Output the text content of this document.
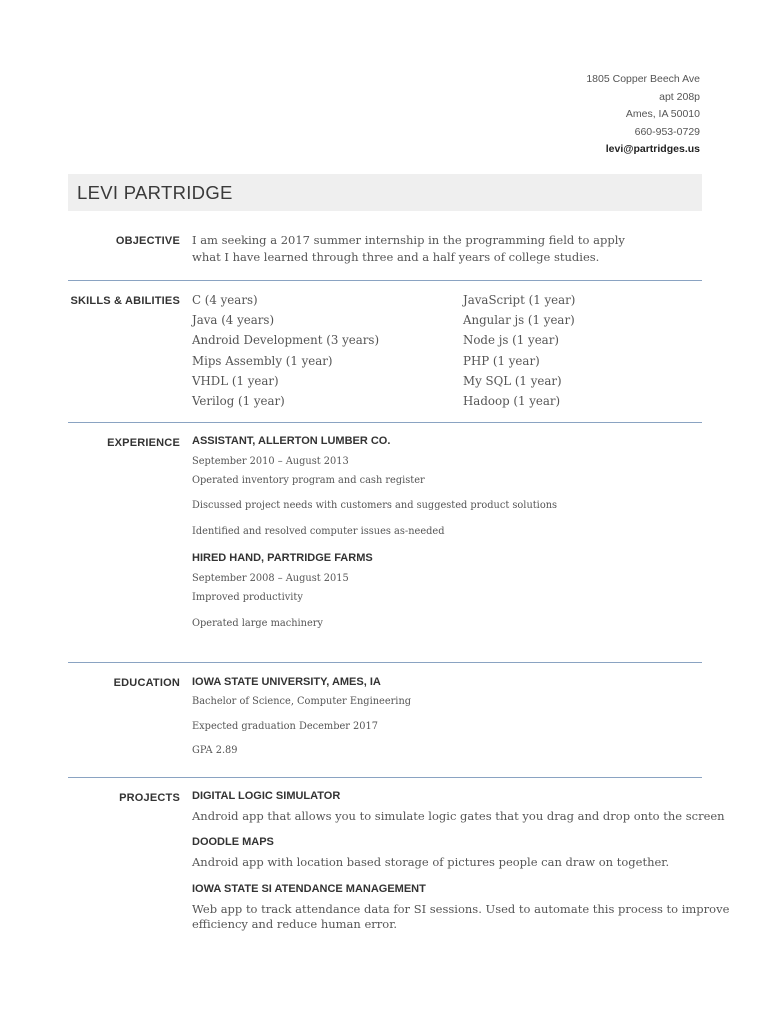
1805 Copper Beech Ave
apt 208p
Ames, IA 50010
660-953-0729
levi@partridges.us
LEVI PARTRIDGE
OBJECTIVE I am seeking a 2017 summer internship in the programming field to apply
what I have learned through three and a half years of college studies.
SKILLS & ABILITIES C (4 years)
Java (4 years)
Android Development (3 years)
Mips Assembly (1 year)
VHDL (1 year)
Verilog (1 year)
JavaScript (1 year)
Angular js (1 year)
Node js (1 year)
PHP (1 year)
My SQL (1 year)
Hadoop (1 year)
EXPERIENCE ASSISTANT, ALLERTON LUMBER CO.
September 2010 – August 2013
Operated inventory program and cash register
Discussed project needs with customers and suggested product solutions
Identified and resolved computer issues as-needed
HIRED HAND, PARTRIDGE FARMS
September 2008 – August 2015
Improved productivity
Operated large machinery
EDUCATION IOWA STATE UNIVERSITY, AMES, IA
Bachelor of Science, Computer Engineering
Expected graduation December 2017
GPA 2.89
PROJECTS DIGITAL LOGIC SIMULATOR
Android app that allows you to simulate logic gates that you drag and drop onto the screen
DOODLE MAPS
Android app with location based storage of pictures people can draw on together.
IOWA STATE SI ATENDANCE MANAGEMENT
Web app to track attendance data for SI sessions. Used to automate this process to improve
efficiency and reduce human error.
